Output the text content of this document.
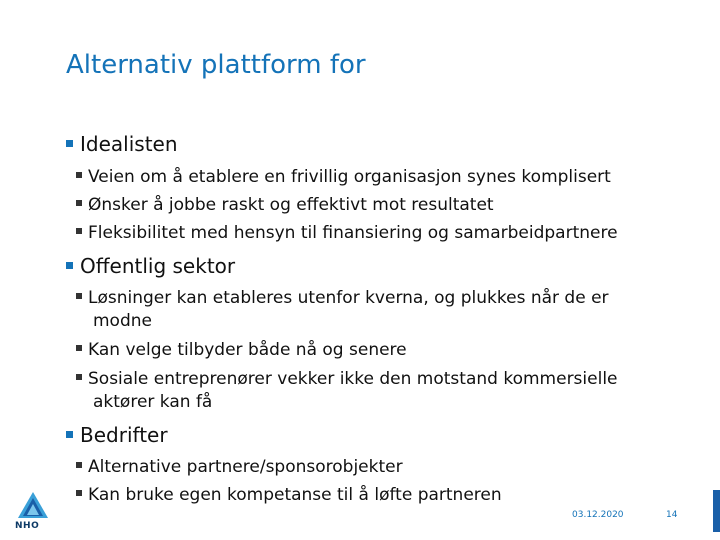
Alternativ plattform for
Idealisten
Veien om å etablere en frivillig organisasjon synes komplisert
Ønsker å jobbe raskt og effektivt mot resultatet
Fleksibilitet med hensyn til finansiering og samarbeidpartnere
Offentlig sektor
Løsninger kan etableres utenfor kverna, og plukkes når de er modne
Kan velge tilbyder både nå og senere
Sosiale entreprenører vekker ikke den motstand kommersielle aktører kan få
Bedrifter
Alternative partnere/sponsorobjekter
Kan bruke egen kompetanse til å løfte partneren
NHO
03.12.2020	14
